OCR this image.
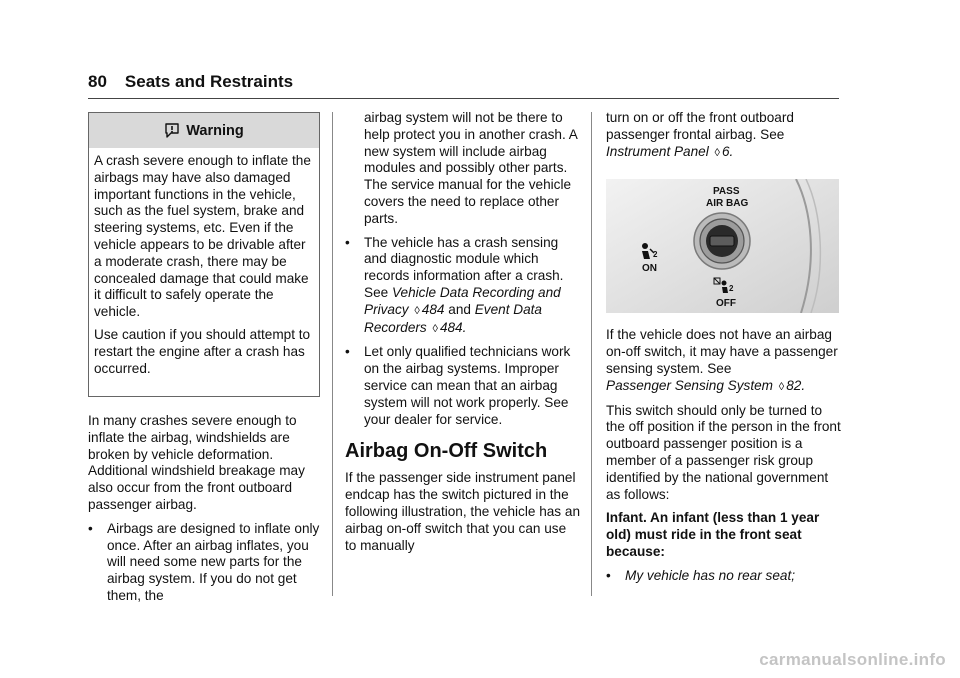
80 Seats and Restraints
Warning

A crash severe enough to inflate the airbags may have also damaged important functions in the vehicle, such as the fuel system, brake and steering systems, etc. Even if the vehicle appears to be drivable after a moderate crash, there may be concealed damage that could make it difficult to safely operate the vehicle.

Use caution if you should attempt to restart the engine after a crash has occurred.

In many crashes severe enough to inflate the airbag, windshields are broken by vehicle deformation. Additional windshield breakage may also occur from the front outboard passenger airbag.

• Airbags are designed to inflate only once. After an airbag inflates, you will need some new parts for the airbag system. If you do not get them, the
airbag system will not be there to help protect you in another crash. A new system will include airbag modules and possibly other parts. The service manual for the vehicle covers the need to replace other parts.
• The vehicle has a crash sensing and diagnostic module which records information after a crash. See Vehicle Data Recording and Privacy ◊ 484 and Event Data Recorders ◊ 484.
• Let only qualified technicians work on the airbag systems. Improper service can mean that an airbag system will not work properly. See your dealer for service.
Airbag On-Off Switch

If the passenger side instrument panel endcap has the switch pictured in the following illustration, the vehicle has an airbag on-off switch that you can use to manually

turn on or off the front outboard passenger frontal airbag. See
Instrument Panel ◊ 6.

2
2
PASS
AIR BAG
ON
OFF

If the vehicle does not have an airbag on-off switch, it may have a passenger sensing system. See
Passenger Sensing System ◊ 82.

This switch should only be turned to the off position if the person in the front outboard passenger position is a member of a passenger risk group identified by the national government as follows:

Infant. An infant (less than 1 year old) must ride in the front seat because:

• My vehicle has no rear seat;
carmanualsonline.info
